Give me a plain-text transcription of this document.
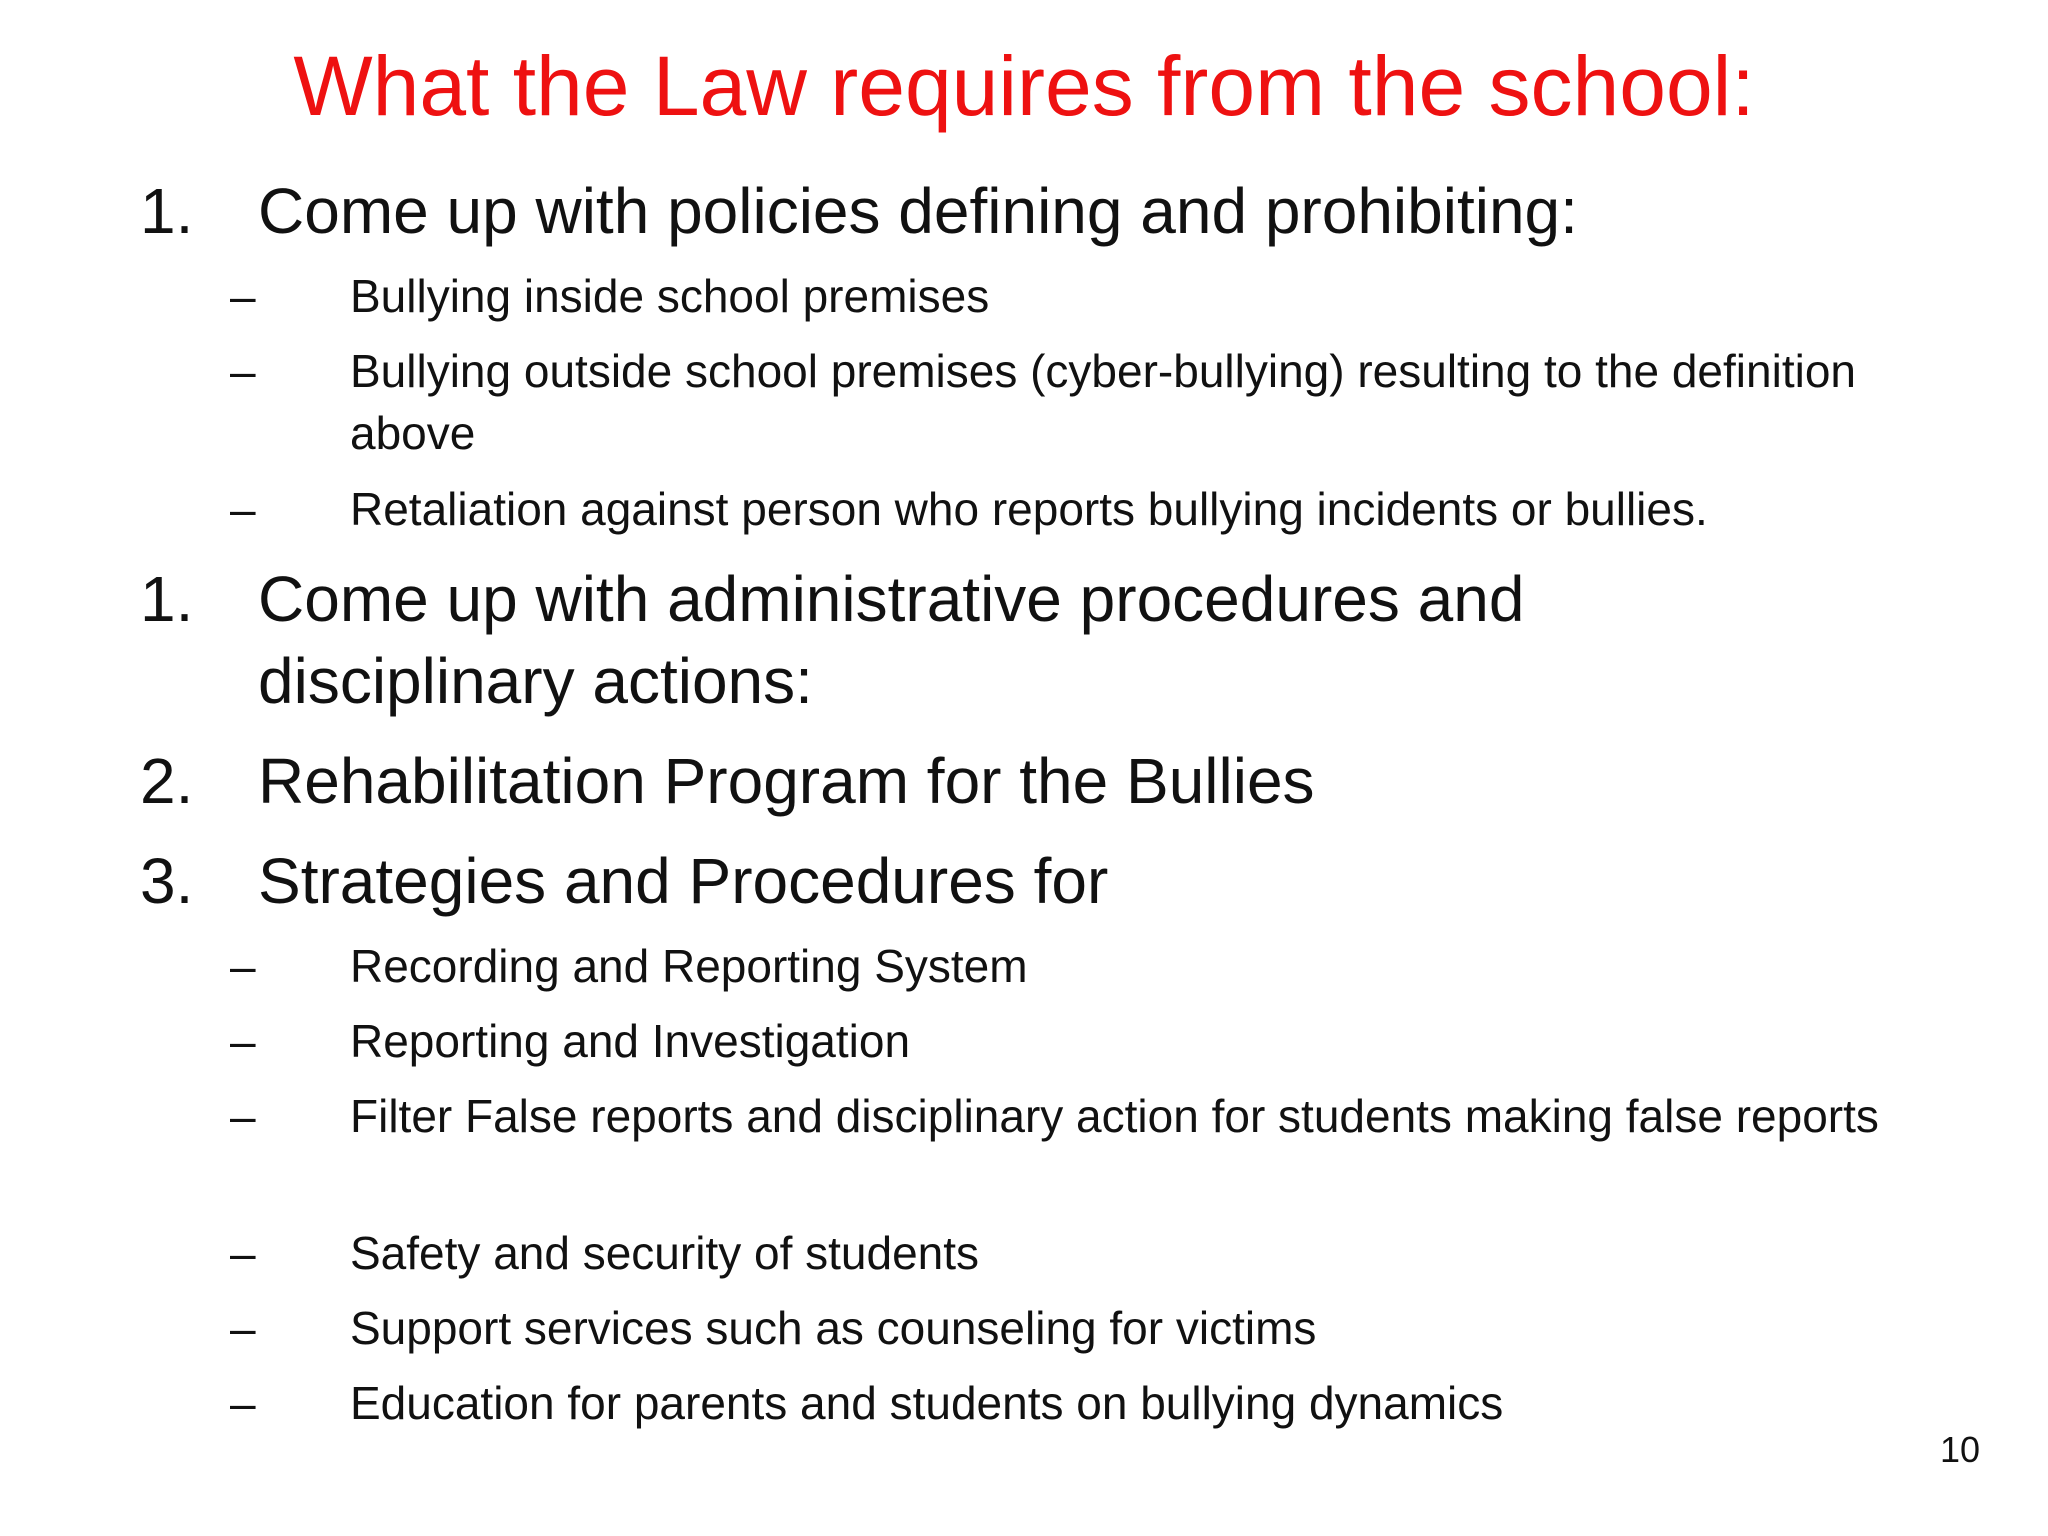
What the Law requires from the school:
1. Come up with policies defining and prohibiting:
– Bullying inside school premises
– Bullying outside school premises (cyber-bullying) resulting to the definition above
– Retaliation against person who reports bullying incidents or bullies.
1. Come up with administrative procedures and disciplinary actions:
2. Rehabilitation Program for the Bullies
3. Strategies and Procedures for
– Recording and Reporting System
– Reporting and Investigation
– Filter False reports and disciplinary action for students making false reports
– Safety and security of students
– Support services such as counseling for victims
– Education for parents and students on bullying dynamics
10
